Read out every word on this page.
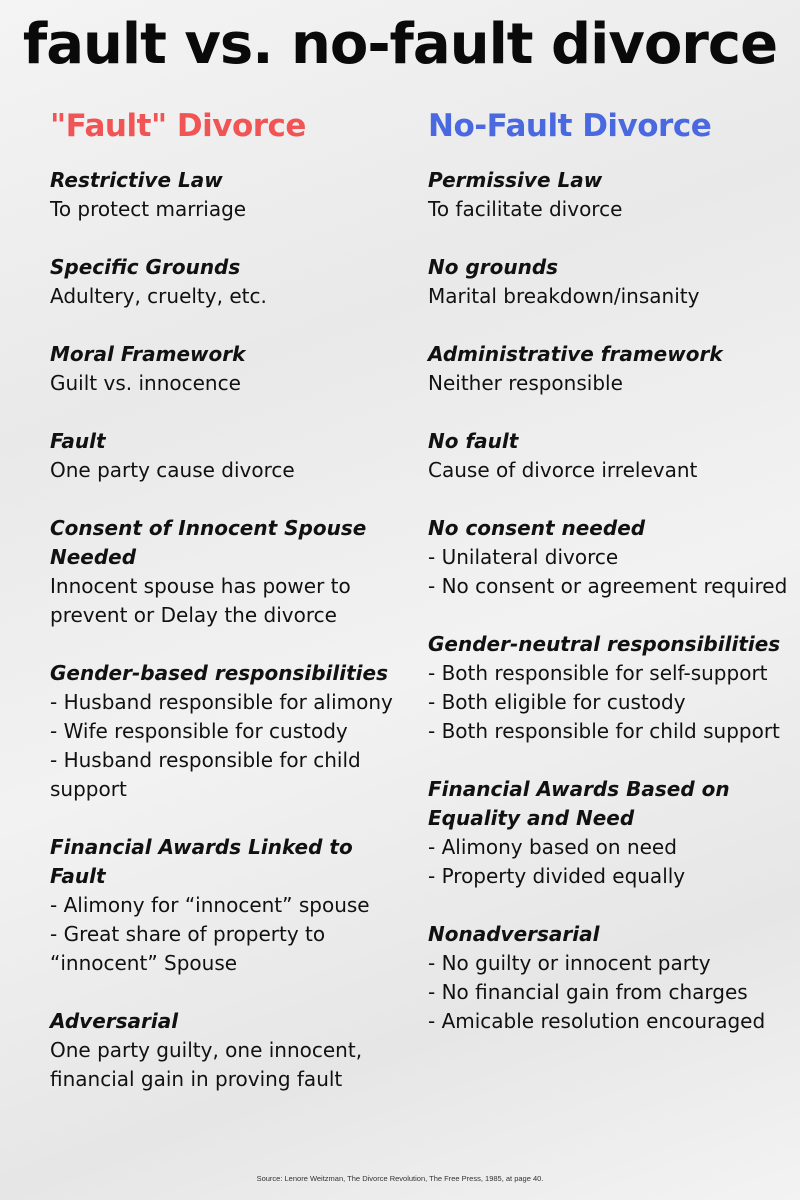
fault vs. no-fault divorce
"Fault" Divorce
Restrictive Law
To protect marriage
Specific Grounds
Adultery, cruelty, etc.
Moral Framework
Guilt vs. innocence
Fault
One party cause divorce
Consent of Innocent Spouse Needed
Innocent spouse has power to prevent or Delay the divorce
Gender-based responsibilities
- Husband responsible for alimony
- Wife responsible for custody
- Husband responsible for child support
Financial Awards Linked to Fault
- Alimony for “innocent” spouse
- Great share of property to “innocent” Spouse
Adversarial
One party guilty, one innocent, financial gain in proving fault
No-Fault Divorce
Permissive Law
To facilitate divorce
No grounds
Marital breakdown/insanity
Administrative framework
Neither responsible
No fault
Cause of divorce irrelevant
No consent needed
- Unilateral divorce
- No consent or agreement required
Gender-neutral responsibilities
- Both responsible for self-support
- Both eligible for custody
- Both responsible for child support
Financial Awards Based on Equality and Need
- Alimony based on need
- Property divided equally
Nonadversarial
- No guilty or innocent party
- No financial gain from charges
- Amicable resolution encouraged
Source: Lenore Weitzman, The Divorce Revolution, The Free Press, 1985, at page 40.
